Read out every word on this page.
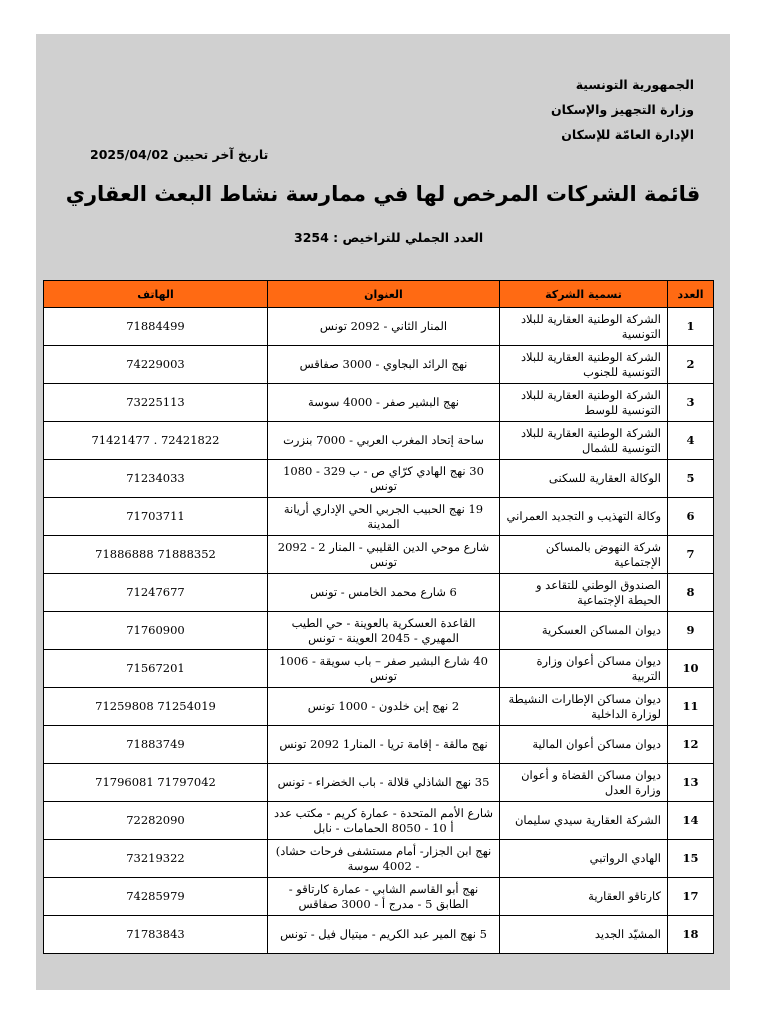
الجمهورية التونسية
وزارة التجهيز والإسكان
الإدارة العامّة للإسكان
تاريخ آخر تحيين 2025/04/02
قائمة الشركات المرخص لها في ممارسة نشاط البعث العقاري
العدد الجملي للتراخيص : 3254
العدد	تسمية الشركة	العنوان	الهاتف
1	الشركة الوطنية العقارية للبلاد التونسية	المنار الثاني - 2092 تونس	71884499
2	الشركة الوطنية العقارية للبلاد التونسية للجنوب	نهج الرائد البجاوي - 3000 صفاقس	74229003
3	الشركة الوطنية العقارية للبلاد التونسية للوسط	نهج البشير صفر - 4000 سوسة	73225113
4	الشركة الوطنية العقارية للبلاد التونسية للشمال	ساحة إتحاد المغرب العربي - 7000 بنزرت	71421477 . 72421822
5	الوكالة العقارية للسكنى	30 نهج الهادي كرّاي ص - ب 329 - 1080 تونس	71234033
6	وكالة التهذيب و التجديد العمراني	19 نهج الحبيب الجربي الحي الإداري أريانة المدينة	71703711
7	شركة النهوض بالمساكن الإجتماعية	شارع موحي الدين القليبي - المنار 2 - 2092 تونس	71886888 71888352
8	الصندوق الوطني للتقاعد و الحيطة الإجتماعية	6 شارع محمد الخامس - تونس	71247677
9	ديوان المساكن العسكرية	القاعدة العسكرية بالعوينة - حي الطيب المهيري - 2045 العوينة - تونس	71760900
10	ديوان مساكن أعوان وزارة التربية	40 شارع البشير صفر – باب سويقة - 1006 تونس	71567201
11	ديوان مساكن الإطارات النشيطة لوزارة الداخلية	2 نهج إبن خلدون - 1000 تونس	71259808 71254019
12	ديوان مساكن أعوان المالية	نهج مالقة - إقامة تريا - المنار1 2092 تونس	71883749
13	ديوان مساكن القضاة و أعوان وزارة العدل	35 نهج الشاذلي قلالة - باب الخضراء - تونس	71796081 71797042
14	الشركة العقارية سيدي سليمان	شارع الأمم المتحدة - عمارة كريم - مكتب عدد أ 10 - 8050 الحمامات - نابل	72282090
15	الهادي الرواتبي	نهج ابن الجزار- أمام مستشفى فرحات حشاد) - 4002 سوسة	73219322
17	كارتاقو العقارية	نهج أبو القاسم الشابي - عمارة كارتاقو - الطابق 5 - مدرج أ - 3000 صفاقس	74285979
18	المشيّد الجديد	5 نهج المير عبد الكريم - ميتيال فيل - تونس	71783843
